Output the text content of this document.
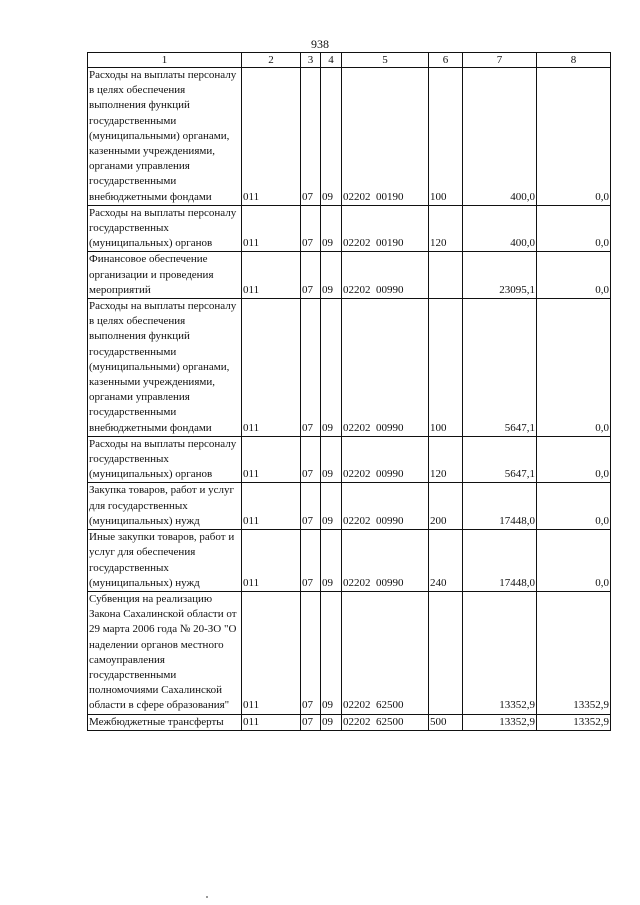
938
1	2	3	4	5	6	7	8
Расходы на выплаты персоналу в целях обеспечения выполнения функций государственными (муниципальными) органами, казенными учреждениями, органами управления государственными внебюджетными фондами	011	07	09	02202  00190	100	400,0	0,0
Расходы на выплаты персоналу государственных (муниципальных) органов	011	07	09	02202  00190	120	400,0	0,0
Финансовое обеспечение организации и проведения мероприятий	011	07	09	02202  00990		23095,1	0,0
Расходы на выплаты персоналу в целях обеспечения выполнения функций государственными (муниципальными) органами, казенными учреждениями, органами управления государственными внебюджетными фондами	011	07	09	02202  00990	100	5647,1	0,0
Расходы на выплаты персоналу государственных (муниципальных) органов	011	07	09	02202  00990	120	5647,1	0,0
Закупка товаров, работ и услуг для государственных (муниципальных) нужд	011	07	09	02202  00990	200	17448,0	0,0
Иные закупки товаров, работ и услуг для обеспечения государственных (муниципальных) нужд	011	07	09	02202  00990	240	17448,0	0,0
Субвенция на реализацию Закона Сахалинской области от 29 марта 2006 года № 20-ЗО "О наделении органов местного самоуправления государственными полномочиями Сахалинской области в сфере образования"	011	07	09	02202  62500		13352,9	13352,9
Межбюджетные трансферты	011	07	09	02202  62500	500	13352,9	13352,9
